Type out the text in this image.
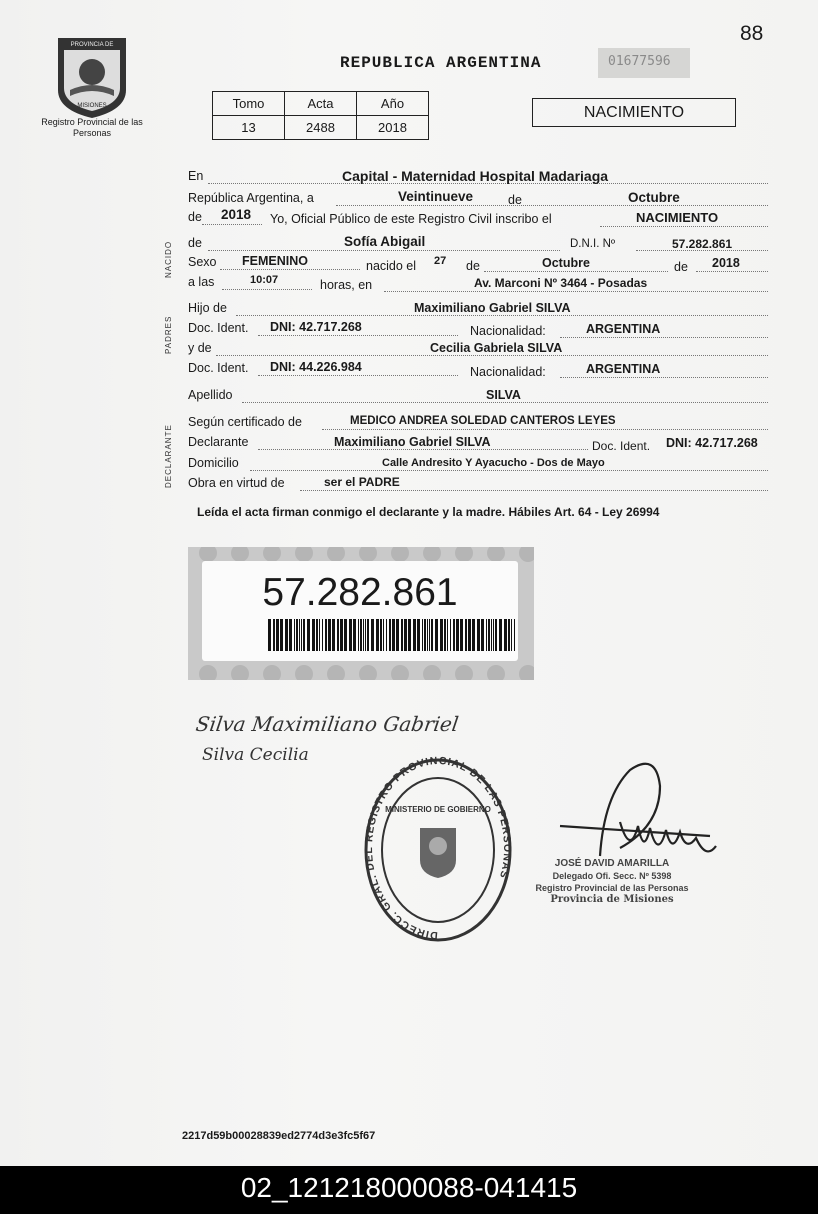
88
PROVINCIA DE
MISIONES
Registro Provincial de las Personas
REPUBLICA ARGENTINA	01677596
Tomo	Acta	Año
13	2488	2018
NACIMIENTO
En	Capital - Maternidad Hospital Madariaga
República Argentina, a	Veintinueve	de	Octubre
de 2018 Yo, Oficial Público de este Registro Civil inscribo el	NACIMIENTO
NACIDO de	Sofía Abigail	D.N.I. Nº	57.282.861
Sexo FEMENINO	nacido el 27 de	Octubre	de 2018
a las	10:07	horas, en	Av. Marconi Nº 3464 - Posadas
PADRES
Hijo de	Maximiliano Gabriel SILVA
Doc. Ident. DNI: 42.717.268	Nacionalidad:	ARGENTINA
y de	Cecilia Gabriela SILVA
Doc. Ident. DNI: 44.226.984	Nacionalidad:	ARGENTINA
Apellido	SILVA
DECLARANTE
Según certificado de	MEDICO ANDREA SOLEDAD CANTEROS LEYES
Declarante	Maximiliano Gabriel SILVA	Doc. Ident. DNI: 42.717.268
Domicilio	Calle Andresito Y Ayacucho - Dos de Mayo
Obra en virtud de	ser el PADRE
Leída el acta firman conmigo el declarante y la madre. Hábiles Art. 64 - Ley 26994
57.282.861
Silva Maximiliano Gabriel
Silva Cecilia
DIRECC. GRAL. DEL REGISTRO PROVINCIAL DE LAS PERSONAS
MINISTERIO DE GOBIERNO
JOSÉ DAVID AMARILLA
Delegado Ofi. Secc. Nº 5398
Registro Provincial de las Personas
Provincia de Misiones
2217d59b00028839ed2774d3e3fc5f67
02_121218000088-041415
